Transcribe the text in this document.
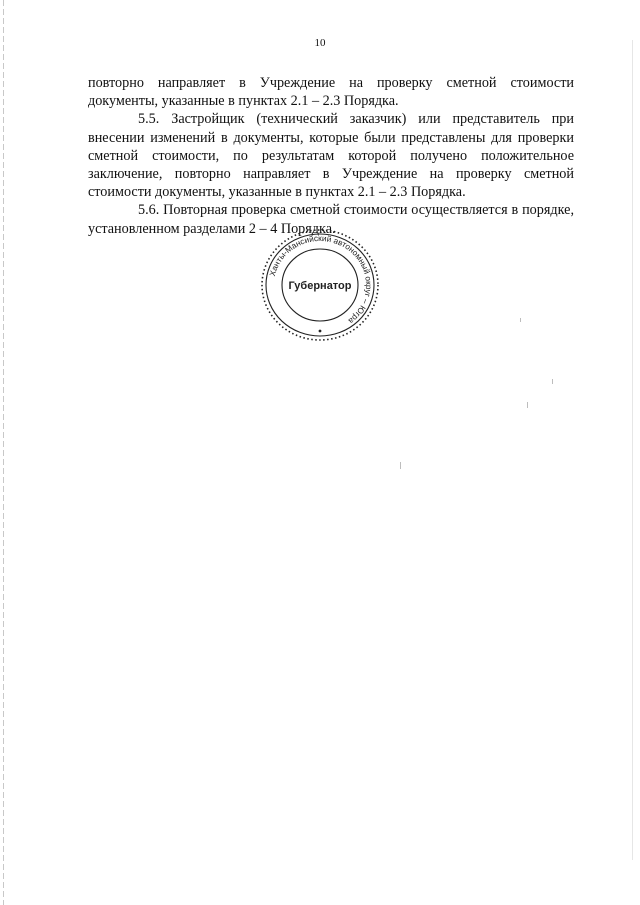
10

повторно направляет в Учреждение на проверку сметной стоимости документы, указанные в пунктах 2.1 – 2.3 Порядка.

5.5. Застройщик (технический заказчик) или представитель при внесении изменений в документы, которые были представлены для проверки сметной стоимости, по результатам которой получено положительное заключение, повторно направляет в Учреждение на проверку сметной стоимости документы, указанные в пунктах 2.1 – 2.3 Порядка.

5.6. Повторная проверка сметной стоимости осуществляется в порядке, установленном разделами 2 – 4 Порядка.

Ханты-Мансийский автономный округ – Югра
Губернатор
